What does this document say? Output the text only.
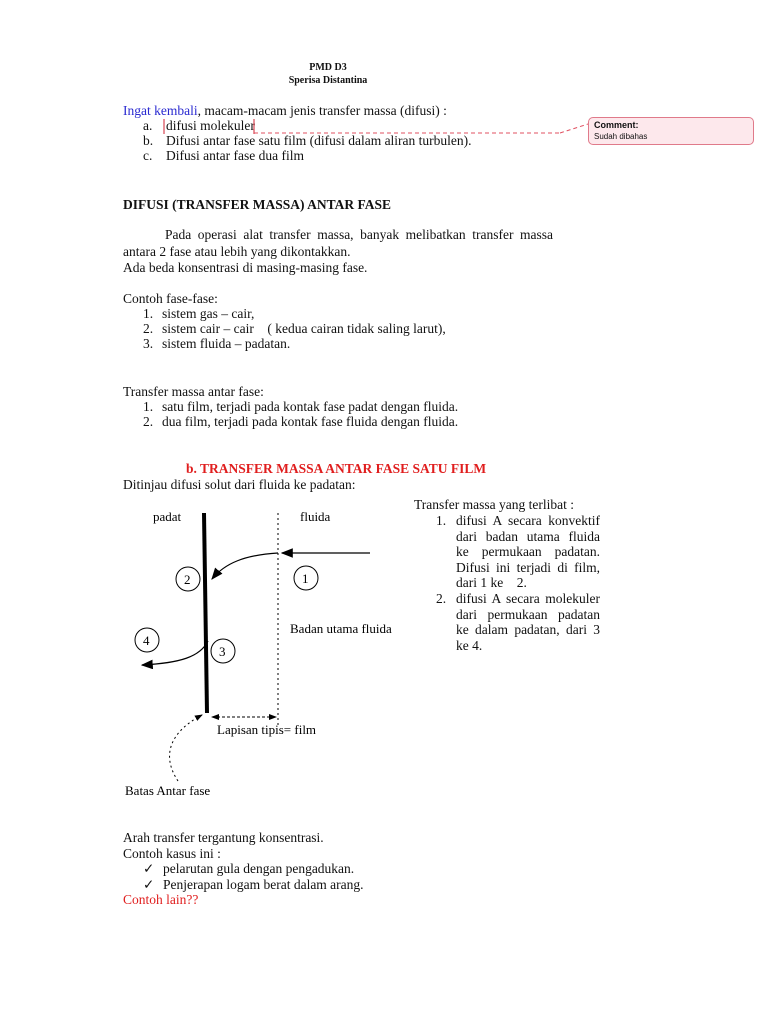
PMD D3
Sperisa Distantina
Ingat kembali, macam-macam jenis transfer massa (difusi) :
a. difusi molekuler
b. Difusi antar fase satu film (difusi dalam aliran turbulen).
c. Difusi antar fase dua film
Comment:
Sudah dibahas
DIFUSI (TRANSFER MASSA) ANTAR FASE
Pada operasi alat transfer massa, banyak melibatkan transfer massa
antara 2 fase atau lebih yang dikontakkan.
Ada beda konsentrasi di masing-masing fase.
Contoh fase-fase:
1. sistem gas – cair,
2. sistem cair – cair    ( kedua cairan tidak saling larut),
3. sistem fluida – padatan.
Transfer massa antar fase:
1. satu film, terjadi pada kontak fase padat dengan fluida.
2. dua film, terjadi pada kontak fase fluida dengan fluida.
b. TRANSFER MASSA ANTAR FASE SATU FILM
Ditinjau difusi solut dari fluida ke padatan:
padat	fluida
1
2
3
4
Badan utama fluida
Lapisan tipis= film
Batas Antar fase
Transfer massa yang terlibat :
1. difusi A secara konvektif
dari badan utama fluida
ke permukaan padatan.
Difusi ini terjadi di film,
dari 1 ke    2.
2. difusi A secara molekuler
dari permukaan padatan
ke dalam padatan, dari 3
ke 4.
Arah transfer tergantung konsentrasi.
Contoh kasus ini :
✓ pelarutan gula dengan pengadukan.
✓ Penjerapan logam berat dalam arang.
Contoh lain??
